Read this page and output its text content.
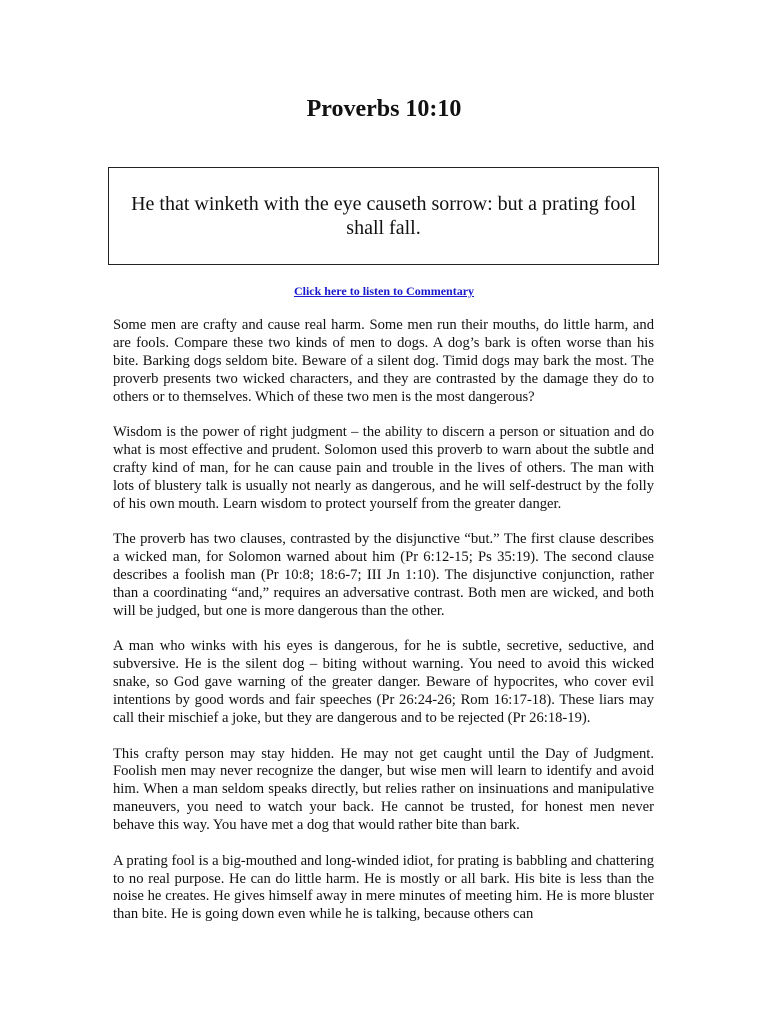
Proverbs 10:10

He that winketh with the eye causeth sorrow: but a prating fool shall fall.

Click here to listen to Commentary

Some men are crafty and cause real harm. Some men run their mouths, do little harm, and are fools. Compare these two kinds of men to dogs. A dog’s bark is often worse than his bite. Barking dogs seldom bite. Beware of a silent dog. Timid dogs may bark the most. The proverb presents two wicked characters, and they are contrasted by the damage they do to others or to themselves. Which of these two men is the most dangerous?

Wisdom is the power of right judgment – the ability to discern a person or situation and do what is most effective and prudent. Solomon used this proverb to warn about the subtle and crafty kind of man, for he can cause pain and trouble in the lives of others. The man with lots of blustery talk is usually not nearly as dangerous, and he will self-destruct by the folly of his own mouth. Learn wisdom to protect yourself from the greater danger.

The proverb has two clauses, contrasted by the disjunctive “but.” The first clause describes a wicked man, for Solomon warned about him (Pr 6:12-15; Ps 35:19). The second clause describes a foolish man (Pr 10:8; 18:6-7; III Jn 1:10). The disjunctive conjunction, rather than a coordinating “and,” requires an adversative contrast. Both men are wicked, and both will be judged, but one is more dangerous than the other.

A man who winks with his eyes is dangerous, for he is subtle, secretive, seductive, and subversive. He is the silent dog – biting without warning. You need to avoid this wicked snake, so God gave warning of the greater danger. Beware of hypocrites, who cover evil intentions by good words and fair speeches (Pr 26:24-26; Rom 16:17-18). These liars may call their mischief a joke, but they are dangerous and to be rejected (Pr 26:18-19).

This crafty person may stay hidden. He may not get caught until the Day of Judgment. Foolish men may never recognize the danger, but wise men will learn to identify and avoid him. When a man seldom speaks directly, but relies rather on insinuations and manipulative maneuvers, you need to watch your back. He cannot be trusted, for honest men never behave this way. You have met a dog that would rather bite than bark.

A prating fool is a big-mouthed and long-winded idiot, for prating is babbling and chattering to no real purpose. He can do little harm. He is mostly or all bark. His bite is less than the noise he creates. He gives himself away in mere minutes of meeting him. He is more bluster than bite. He is going down even while he is talking, because others can
